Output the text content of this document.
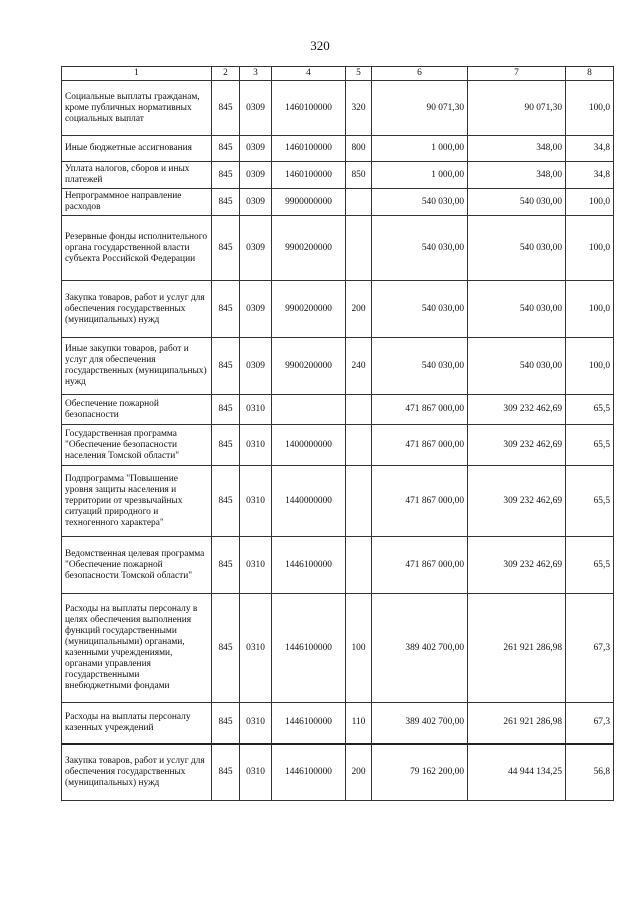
320
1	2	3	4	5	6	7	8
Социальные выплаты гражданам, кроме публичных нормативных социальных выплат	845	0309	1460100000	320	90 071,30	90 071,30	100,0
Иные бюджетные ассигнования	845	0309	1460100000	800	1 000,00	348,00	34,8
Уплата налогов, сборов и иных платежей	845	0309	1460100000	850	1 000,00	348,00	34,8
Непрограммное направление расходов	845	0309	9900000000		540 030,00	540 030,00	100,0
Резервные фонды исполнительного органа государственной власти субъекта Российской Федерации	845	0309	9900200000		540 030,00	540 030,00	100,0
Закупка товаров, работ и услуг для обеспечения государственных (муниципальных) нужд	845	0309	9900200000	200	540 030,00	540 030,00	100,0
Иные закупки товаров, работ и услуг для обеспечения государственных (муниципальных) нужд	845	0309	9900200000	240	540 030,00	540 030,00	100,0
Обеспечение пожарной безопасности	845	0310			471 867 000,00	309 232 462,69	65,5
Государственная программа "Обеспечение безопасности населения Томской области"	845	0310	1400000000		471 867 000,00	309 232 462,69	65,5
Подпрограмма "Повышение уровня защиты населения и территории от чрезвычайных ситуаций природного и техногенного характера"	845	0310	1440000000		471 867 000,00	309 232 462,69	65,5
Ведомственная целевая программа "Обеспечение пожарной безопасности Томской области"	845	0310	1446100000		471 867 000,00	309 232 462,69	65,5
Расходы на выплаты персоналу в целях обеспечения выполнения функций государственными (муниципальными) органами, казенными учреждениями, органами управления государственными внебюджетными фондами	845	0310	1446100000	100	389 402 700,00	261 921 286,98	67,3
Расходы на выплаты персоналу казенных учреждений	845	0310	1446100000	110	389 402 700,00	261 921 286,98	67,3
Закупка товаров, работ и услуг для обеспечения государственных (муниципальных) нужд	845	0310	1446100000	200	79 162 200,00	44 944 134,25	56,8
